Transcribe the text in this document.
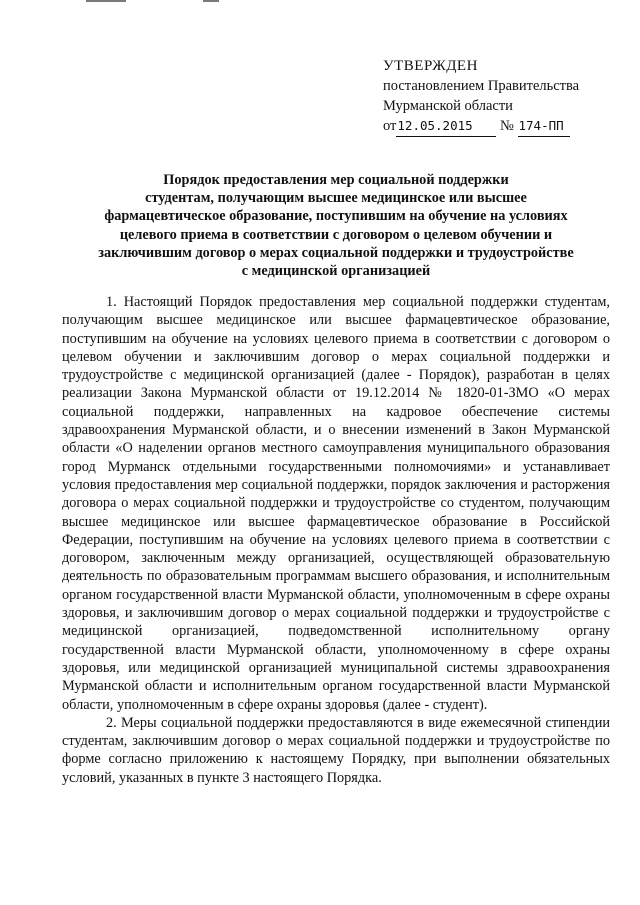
УТВЕРЖДЕН
постановлением Правительства
Мурманской области
от12.05.2015 № 174-ПП
Порядок предоставления мер социальной поддержки
студентам, получающим высшее медицинское или высшее
фармацевтическое образование, поступившим на обучение на условиях
целевого приема в соответствии с договором о целевом обучении и
заключившим договор о мерах социальной поддержки и трудоустройстве
с медицинской организацией

1. Настоящий Порядок предоставления мер социальной поддержки студентам, получающим высшее медицинское или высшее фармацевтическое образование, поступившим на обучение на условиях целевого приема в соответствии с договором о целевом обучении и заключившим договор о мерах социальной поддержки и трудоустройстве с медицинской организацией (далее - Порядок), разработан в целях реализации Закона Мурманской области от 19.12.2014 № 1820-01-ЗМО «О мерах социальной поддержки, направленных на кадровое обеспечение системы здравоохранения Мурманской области, и о внесении изменений в Закон Мурманской области «О наделении органов местного самоуправления муниципального образования город Мурманск отдельными государственными полномочиями» и устанавливает условия предоставления мер социальной поддержки, порядок заключения и расторжения договора о мерах социальной поддержки и трудоустройстве со студентом, получающим высшее медицинское или высшее фармацевтическое образование в Российской Федерации, поступившим на обучение на условиях целевого приема в соответствии с договором, заключенным между организацией, осуществляющей образовательную деятельность по образовательным программам высшего образования, и исполнительным органом государственной власти Мурманской области, уполномоченным в сфере охраны здоровья, и заключившим договор о мерах социальной поддержки и трудоустройстве с медицинской организацией, подведомственной исполнительному органу государственной власти Мурманской области, уполномоченному в сфере охраны здоровья, или медицинской организацией муниципальной системы здравоохранения Мурманской области и исполнительным органом государственной власти Мурманской области, уполномоченным в сфере охраны здоровья (далее - студент).

2. Меры социальной поддержки предоставляются в виде ежемесячной стипендии студентам, заключившим договор о мерах социальной поддержки и трудоустройстве по форме согласно приложению к настоящему Порядку, при выполнении обязательных условий, указанных в пункте 3 настоящего Порядка.
